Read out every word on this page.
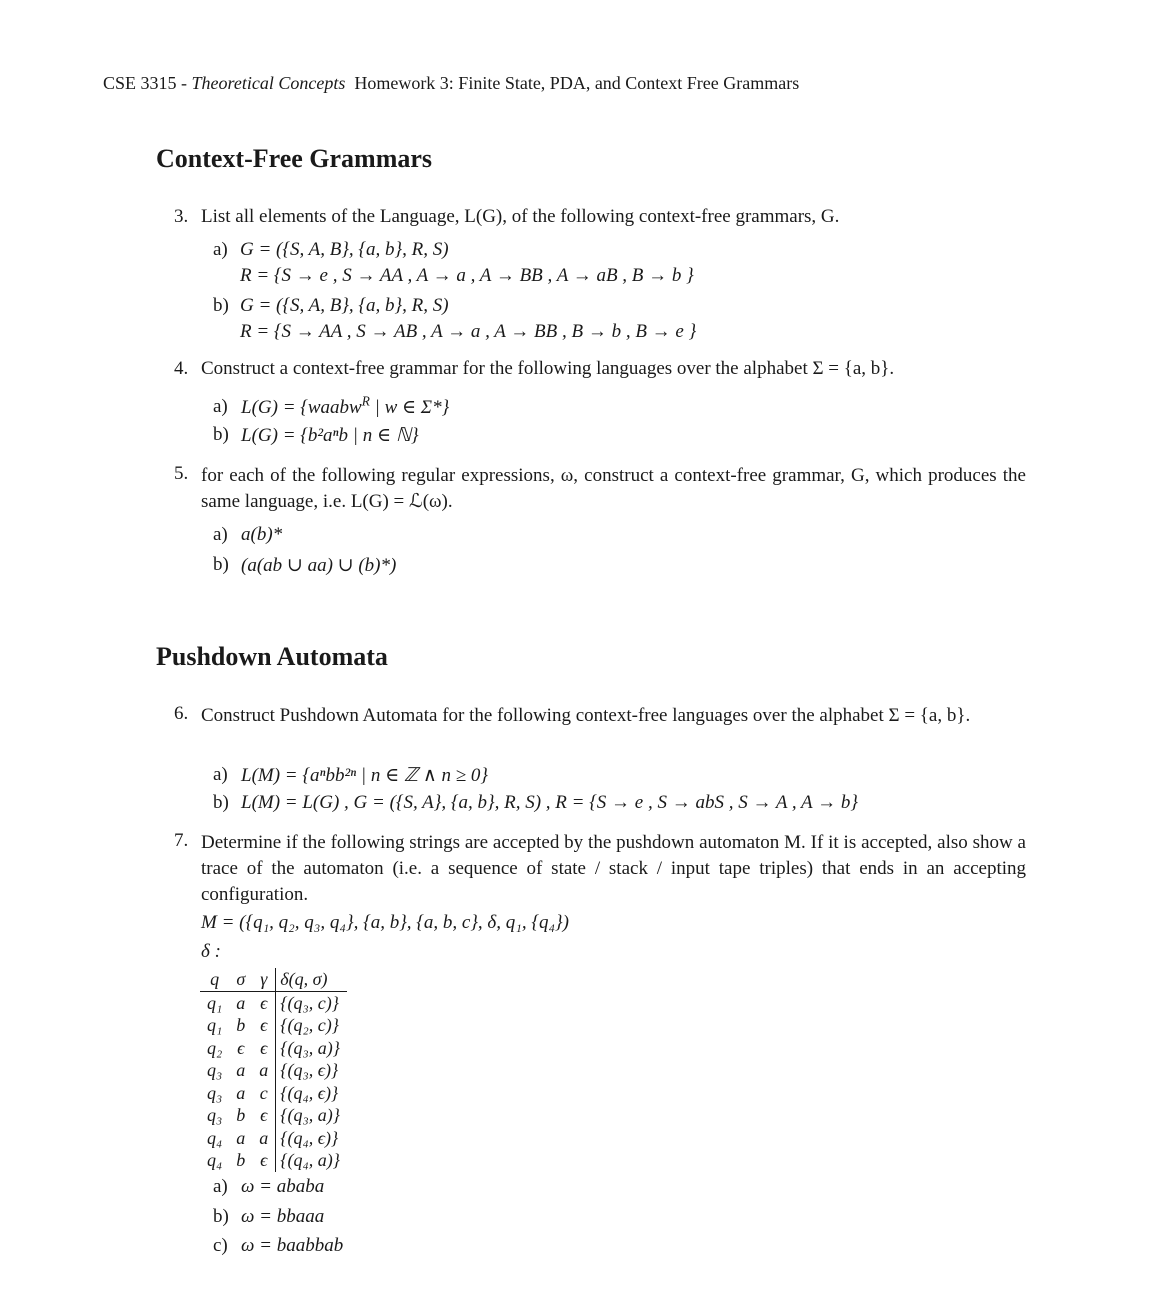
CSE 3315 - Theoretical Concepts Homework 3: Finite State, PDA, and Context Free Grammars
Context-Free Grammars
3. List all elements of the Language, L(G), of the following context-free grammars, G.
a) G = ({S, A, B}, {a, b}, R, S)
R = {S → e , S → AA , A → a , A → BB , A → aB , B → b }
b) G = ({S, A, B}, {a, b}, R, S)
R = {S → AA , S → AB , A → a , A → BB , B → b , B → e }
4. Construct a context-free grammar for the following languages over the alphabet Σ = {a, b}.
a) L(G) = {waabw$^R$ | w ∈ Σ*}
b) L(G) = {b²aⁿb | n ∈ ℕ}
5. for each of the following regular expressions, ω, construct a context-free grammar, G, which produces the same language, i.e. L(G) = ℒ(ω).
a) a(b)*
b) (a(ab ∪ aa) ∪ (b)*)
Pushdown Automata
6. Construct Pushdown Automata for the following context-free languages over the alphabet Σ = {a, b}.
a) L(M) = {aⁿbb²ⁿ | n ∈ ℤ ∧ n ≥ 0}
b) L(M) = L(G) , G = ({S, A}, {a, b}, R, S) , R = {S → e , S → abS , S → A , A → b}
7. Determine if the following strings are accepted by the pushdown automaton M. If it is accepted, also show a trace of the automaton (i.e. a sequence of state / stack / input tape triples) that ends in an accepting configuration.
M = ({q₁, q₂, q₃, q₄}, {a, b}, {a, b, c}, δ, q₁, {q₄})
δ :
q	σ	γ	δ(q, σ)
q₁	a	ϵ	{(q₃, c)}
q₁	b	ϵ	{(q₂, c)}
q₂	ϵ	ϵ	{(q₃, a)}
q₃	a	a	{(q₃, ϵ)}
q₃	a	c	{(q₄, ϵ)}
q₃	b	ϵ	{(q₃, a)}
q₄	a	a	{(q₄, ϵ)}
q₄	b	ϵ	{(q₄, a)}
a) ω = ababa
b) ω = bbaaa
c) ω = baabbab
